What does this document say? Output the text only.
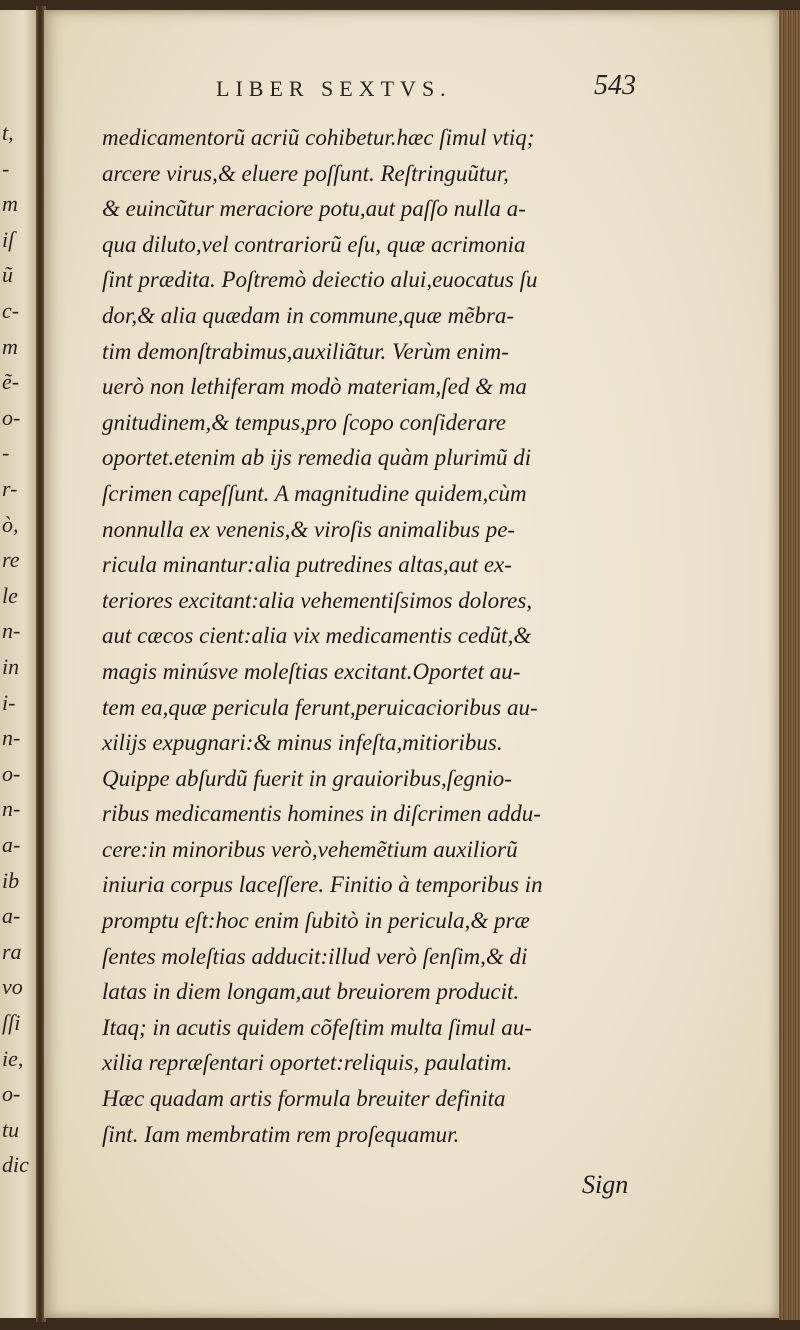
t,
-
m
iſ
ũ
c-
m
ẽ-
o-
-
r-
ò,
re
le
n-
in
i-
n-
o-
n-
a-
ib
a-
ra
vo
ſſi
ie,
o-
tu
dic
LIBER SEXTVS.	543
medicamentorũ acriũ cohibetur.hæc ſimul vtiq;
arcere virus,& eluere poſſunt. Reſtringuũtur,
& euincũtur meraciore potu,aut paſſo nulla a-
qua diluto,vel contrariorũ eſu, quæ acrimonia
ſint prædita. Poſtremò deiectio alui,euocatus ſu
dor,& alia quædam in commune,quæ mẽbra-
tim demonſtrabimus,auxiliãtur. Verùm enim-
uerò non lethiferam modò materiam,ſed & ma
gnitudinem,& tempus,pro ſcopo conſiderare
oportet.etenim ab ijs remedia quàm plurimũ di
ſcrimen capeſſunt. A magnitudine quidem,cùm
nonnulla ex venenis,& viroſis animalibus pe-
ricula minantur:alia putredines altas,aut ex-
teriores excitant:alia vehementiſsimos dolores,
aut cæcos cient:alia vix medicamentis cedũt,&
magis minúsve moleſtias excitant.Oportet au-
tem ea,quæ pericula ferunt,peruicacioribus au-
xilijs expugnari:& minus infeſta,mitioribus.
Quippe abſurdũ fuerit in grauioribus,ſegnio-
ribus medicamentis homines in diſcrimen addu-
cere:in minoribus verò,vehemẽtium auxiliorũ
iniuria corpus laceſſere. Finitio à temporibus in
promptu eſt:hoc enim ſubitò in pericula,& præ
ſentes moleſtias adducit:illud verò ſenſim,& di
latas in diem longam,aut breuiorem producit.
Itaq; in acutis quidem cõfeſtim multa ſimul au-
xilia repræſentari oportet:reliquis, paulatim.
Hæc quadam artis formula breuiter definita
ſint. Iam membratim rem proſequamur.
Sign
